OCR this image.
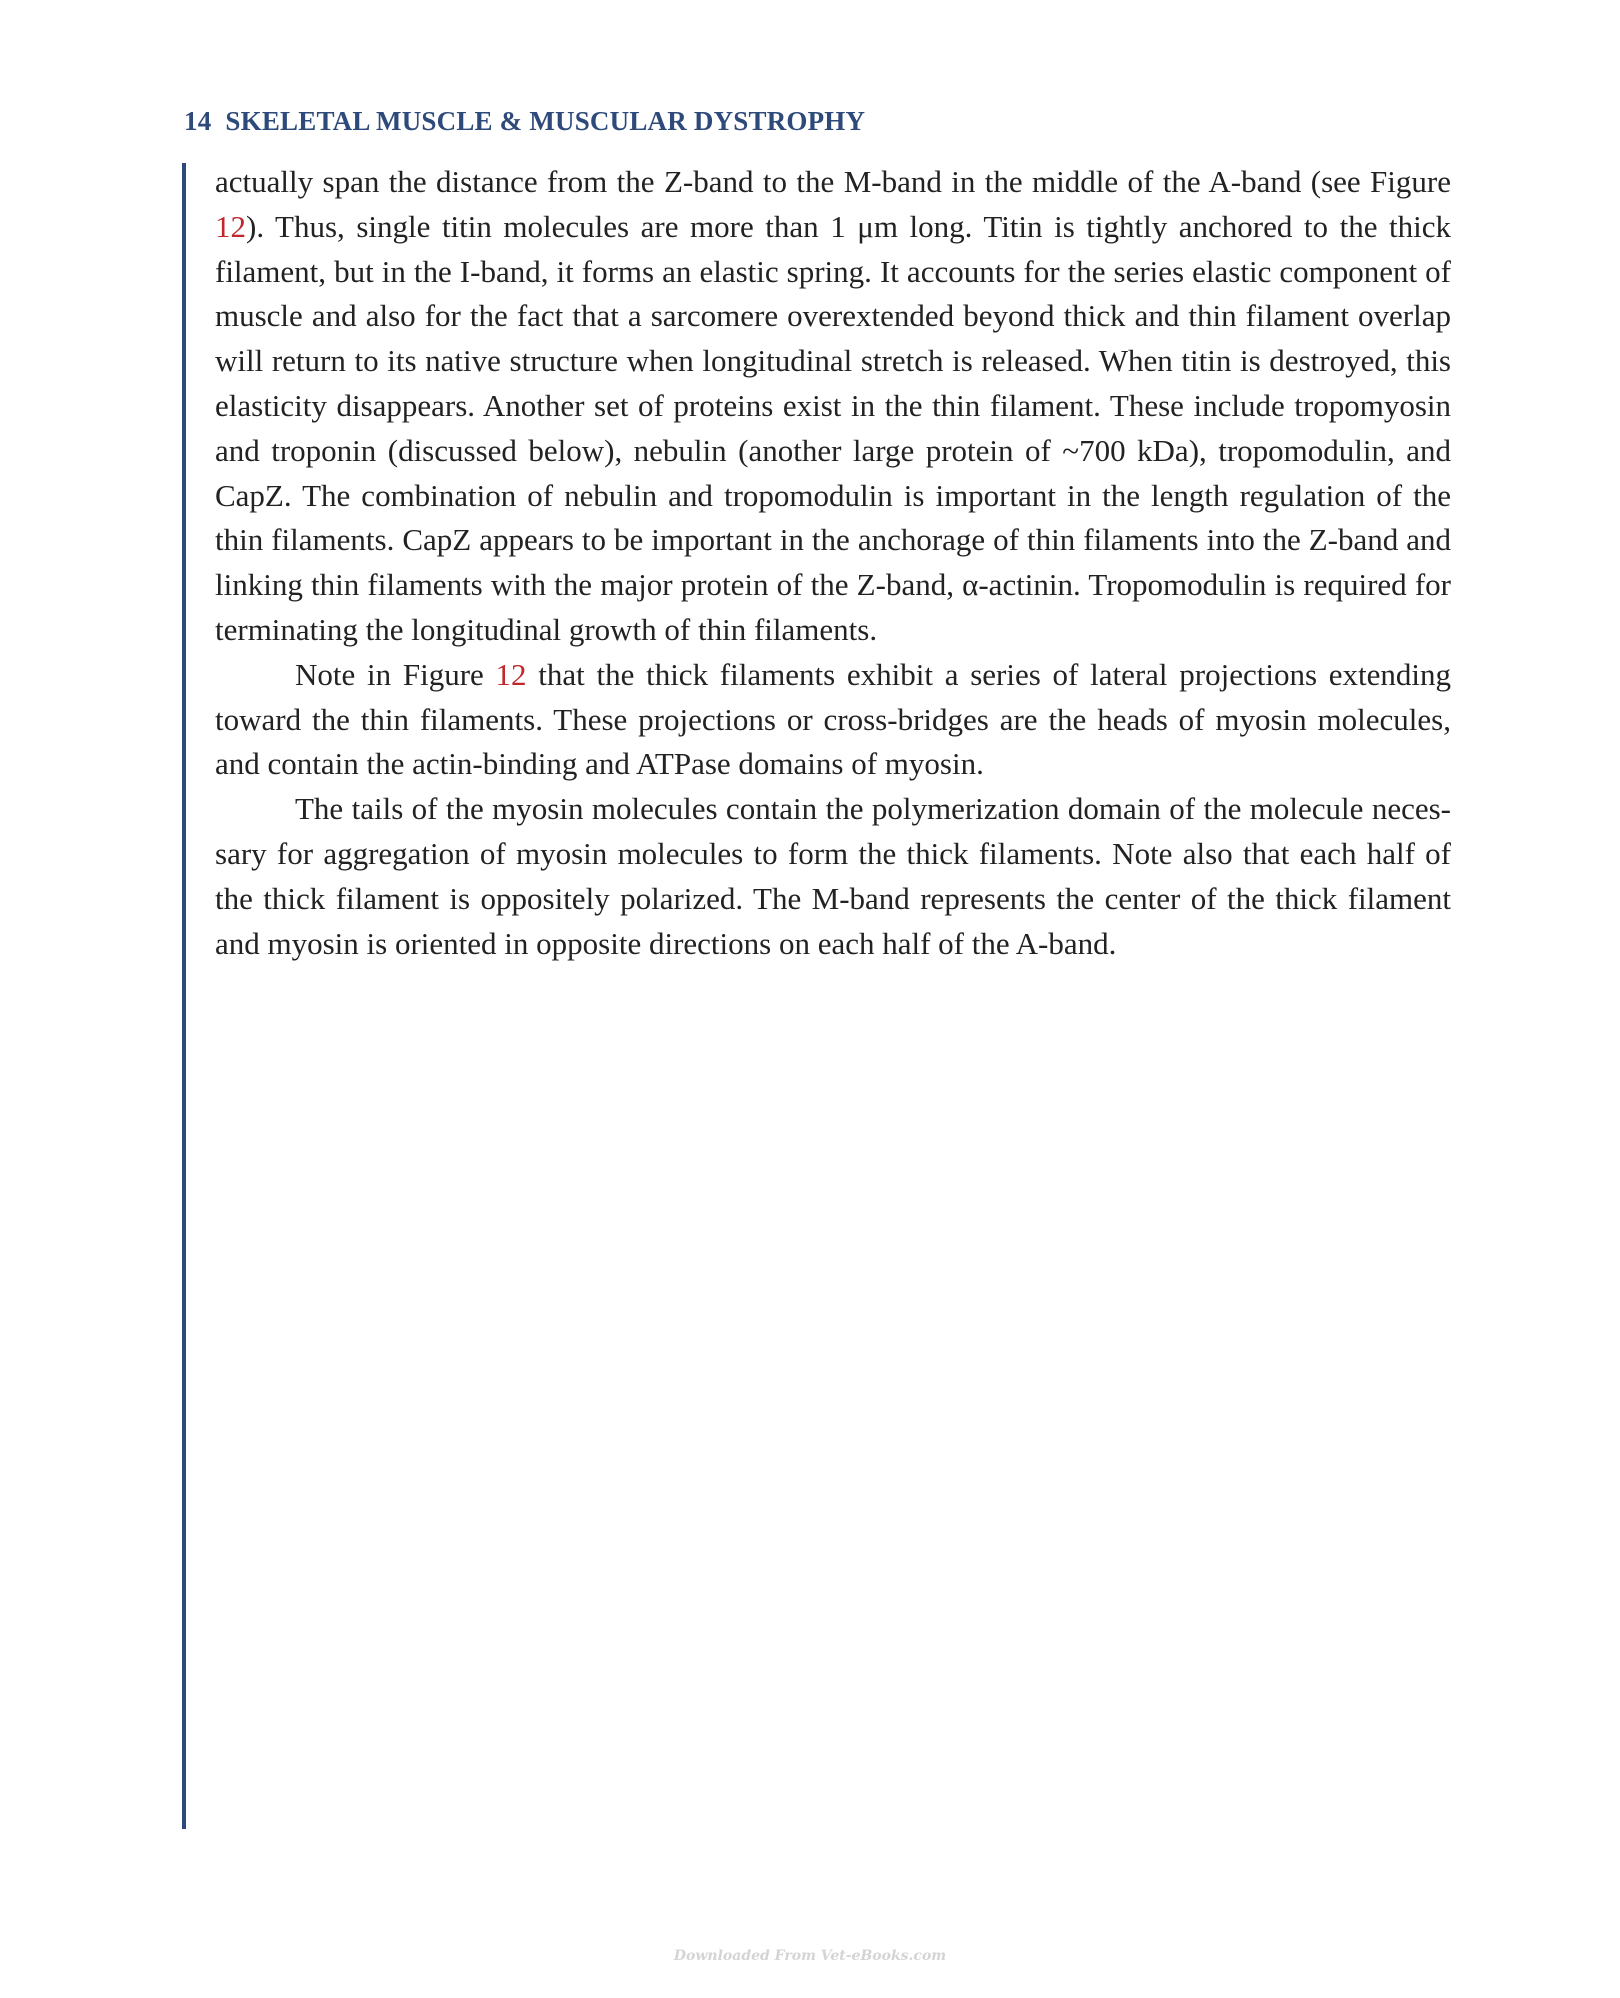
14 SKELETAL MUSCLE & MUSCULAR DYSTROPHY

actually span the distance from the Z-band to the M-band in the middle of the A-band (see Figure 12). Thus, single titin molecules are more than 1 μm long. Titin is tightly anchored to the thick filament, but in the I-band, it forms an elastic spring. It accounts for the series elastic component of muscle and also for the fact that a sarcomere overextended beyond thick and thin filament overlap will return to its native structure when longitudinal stretch is released. When titin is destroyed, this elasticity disappears. Another set of proteins exist in the thin filament. These include tropomyosin and troponin (discussed below), nebulin (another large protein of ~700 kDa), tropomodulin, and CapZ. The combination of nebulin and tropomodulin is important in the length regulation of the thin filaments. CapZ appears to be important in the anchorage of thin filaments into the Z-band and linking thin filaments with the major protein of the Z-band, α-actinin. Tropomodulin is required for terminating the longitudinal growth of thin filaments.

Note in Figure 12 that the thick filaments exhibit a series of lateral projections extending toward the thin filaments. These projections or cross-bridges are the heads of myosin molecules, and contain the actin-binding and ATPase domains of myosin.

The tails of the myosin molecules contain the polymerization domain of the molecule necessary for aggregation of myosin molecules to form the thick filaments. Note also that each half of the thick filament is oppositely polarized. The M-band represents the center of the thick filament and myosin is oriented in opposite directions on each half of the A-band.

Downloaded From Vet-eBooks.com
